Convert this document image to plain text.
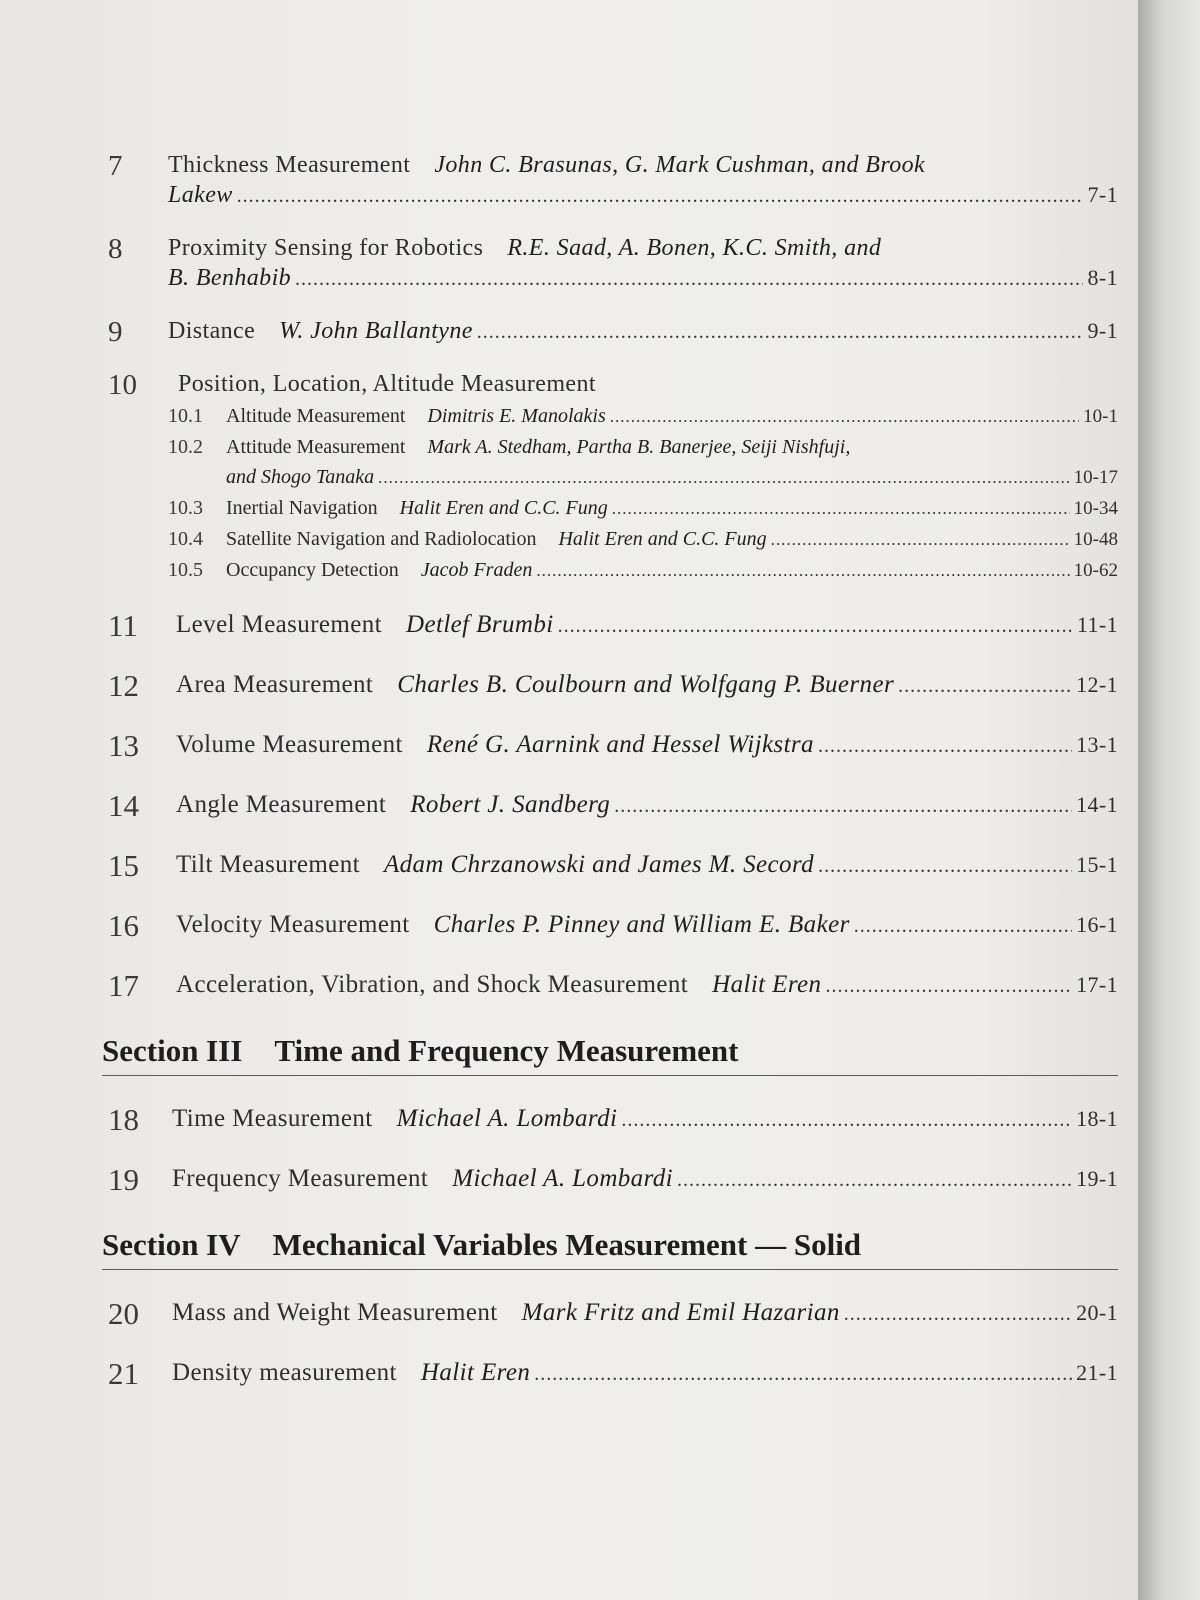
7	Thickness Measurement John C. Brasunas, G. Mark Cushman, and Brook
Lakew .....	7-1
8	Proximity Sensing for Robotics R.E. Saad, A. Bonen, K.C. Smith, and
B. Benhabib .....	8-1
9	Distance W. John Ballantyne .....	9-1
10	Position, Location, Altitude Measurement
10.1	Altitude Measurement Dimitris E. Manolakis .....	10-1
10.2	Attitude Measurement Mark A. Stedham, Partha B. Banerjee, Seiji Nishfuji,
and Shogo Tanaka .....	10-17
10.3	Inertial Navigation Halit Eren and C.C. Fung .....	10-34
10.4	Satellite Navigation and Radiolocation Halit Eren and C.C. Fung .....	10-48
10.5	Occupancy Detection Jacob Fraden .....	10-62
11	Level Measurement Detlef Brumbi .....	11-1
12	Area Measurement Charles B. Coulbourn and Wolfgang P. Buerner .....	12-1
13	Volume Measurement René G. Aarnink and Hessel Wijkstra .....	13-1
14	Angle Measurement Robert J. Sandberg .....	14-1
15	Tilt Measurement Adam Chrzanowski and James M. Secord .....	15-1
16	Velocity Measurement Charles P. Pinney and William E. Baker .....	16-1
17	Acceleration, Vibration, and Shock Measurement Halit Eren .....	17-1
Section III Time and Frequency Measurement
18	Time Measurement Michael A. Lombardi .....	18-1
19	Frequency Measurement Michael A. Lombardi .....	19-1
Section IV Mechanical Variables Measurement — Solid
20	Mass and Weight Measurement Mark Fritz and Emil Hazarian .....	20-1
21	Density measurement Halit Eren .....	21-1
